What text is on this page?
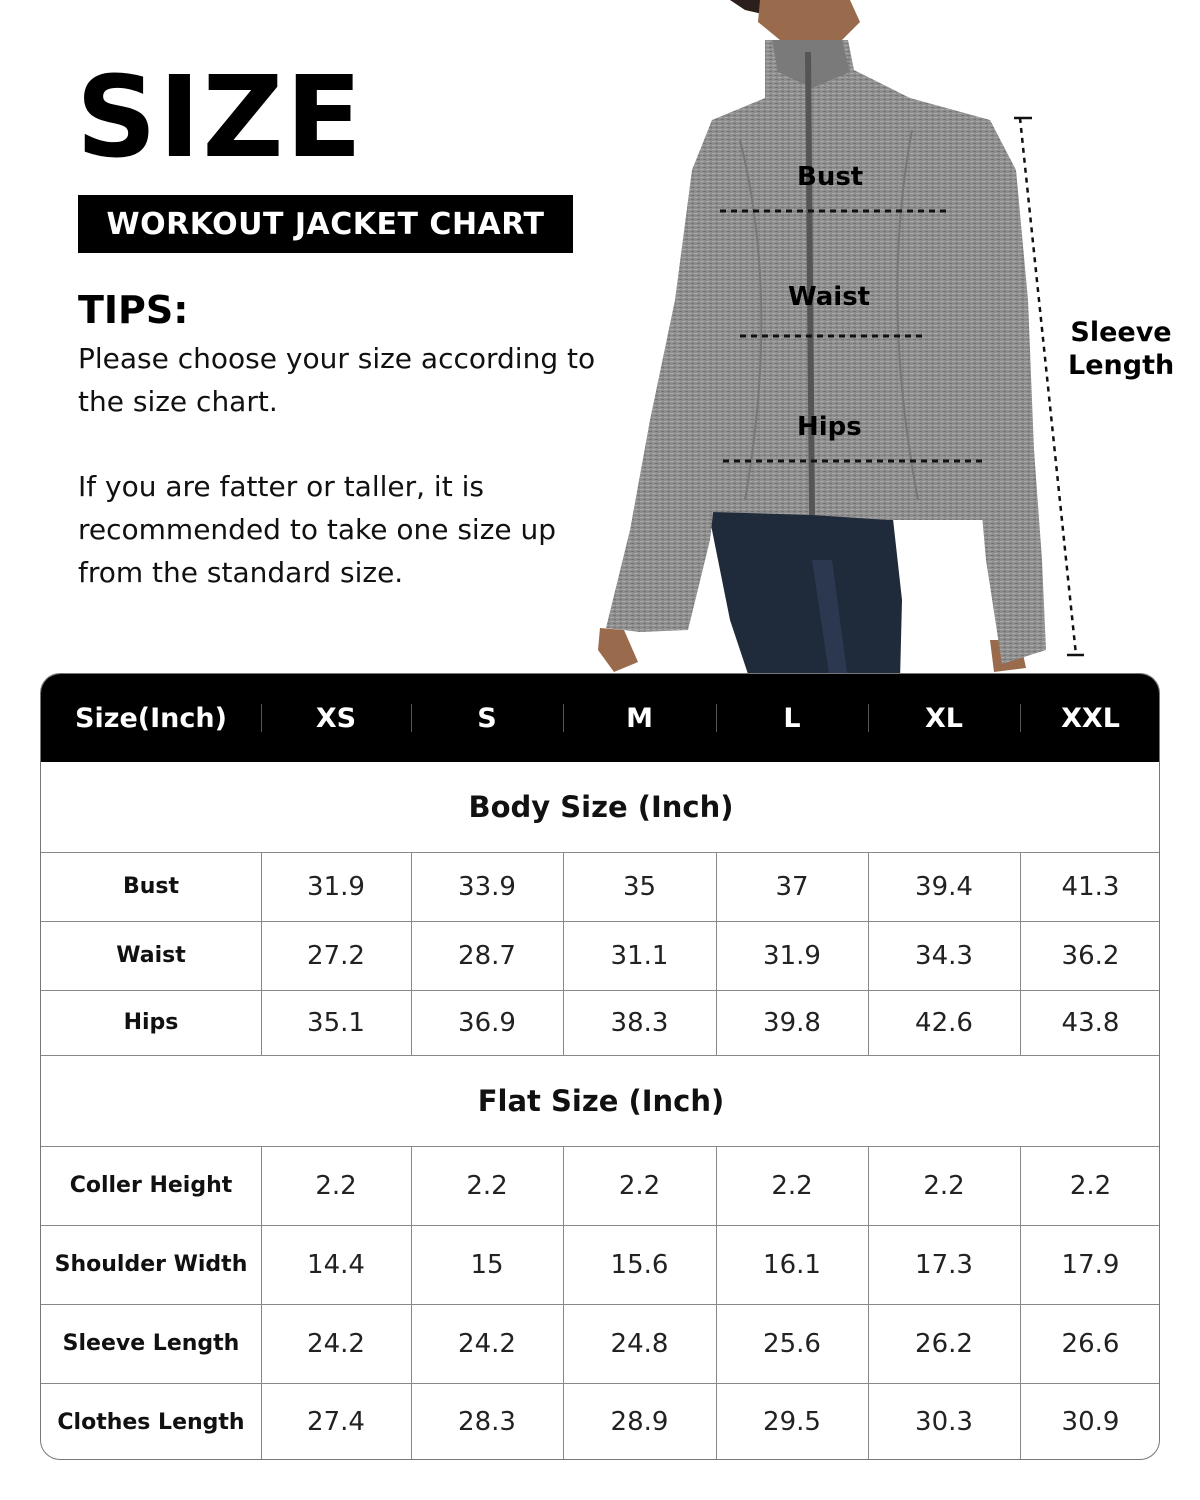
SIZE
WORKOUT JACKET CHART
TIPS:
Please choose your size according to the size chart.
If you are fatter or taller, it is recommended to take one size up from the standard size.
Bust
Waist
Hips
Sleeve Length
Size(Inch)	XS	S	M	L	XL	XXL
Body Size (Inch)
Bust	31.9	33.9	35	37	39.4	41.3
Waist	27.2	28.7	31.1	31.9	34.3	36.2
Hips	35.1	36.9	38.3	39.8	42.6	43.8
Flat Size (Inch)
Coller Height	2.2	2.2	2.2	2.2	2.2	2.2
Shoulder Width	14.4	15	15.6	16.1	17.3	17.9
Sleeve Length	24.2	24.2	24.8	25.6	26.2	26.6
Clothes Length	27.4	28.3	28.9	29.5	30.3	30.9
